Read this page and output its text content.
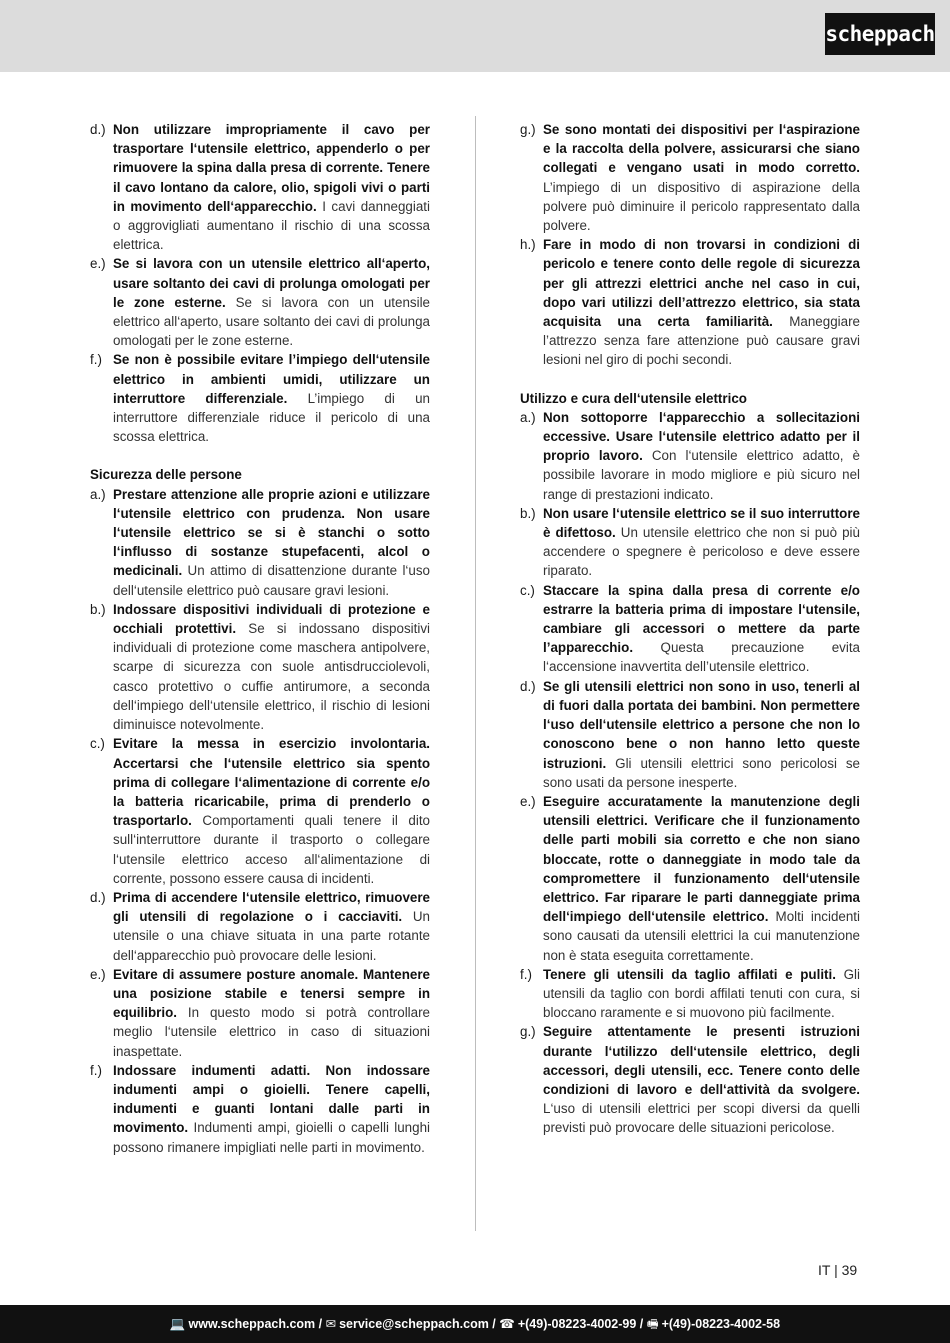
scheppach
d.) Non utilizzare impropriamente il cavo per trasportare l‘utensile elettrico, appenderlo o per rimuovere la spina dalla presa di corrente. Tenere il cavo lontano da calore, olio, spigoli vivi o parti in movimento dell‘apparecchio. I cavi danneggiati o aggrovigliati aumentano il rischio di una scossa elettrica.

e.) Se si lavora con un utensile elettrico all‘aperto, usare soltanto dei cavi di prolunga omologati per le zone esterne. Se si lavora con un utensile elettrico all‘aperto, usare soltanto dei cavi di prolunga omologati per le zone esterne.

f.) Se non è possibile evitare l’impiego dell‘utensile elettrico in ambienti umidi, utilizzare un interruttore differenziale. L’impiego di un interruttore differenziale riduce il pericolo di una scossa elettrica.

Sicurezza delle persone
a.) Prestare attenzione alle proprie azioni e utilizzare l‘utensile elettrico con prudenza. Non usare l‘utensile elettrico se si è stanchi o sotto l‘influsso di sostanze stupefacenti, alcol o medicinali. Un attimo di disattenzione durante l‘uso dell‘utensile elettrico può causare gravi lesioni.

b.) Indossare dispositivi individuali di protezione e occhiali protettivi. Se si indossano dispositivi individuali di protezione come maschera antipolvere, scarpe di sicurezza con suole antisdrucciolevoli, casco protettivo o cuffie antirumore, a seconda dell‘impiego dell‘utensile elettrico, il rischio di lesioni diminuisce notevolmente.

c.) Evitare la messa in esercizio involontaria. Accertarsi che l‘utensile elettrico sia spento prima di collegare l‘alimentazione di corrente e/o la batteria ricaricabile, prima di prenderlo o trasportarlo. Comportamenti quali tenere il dito sull‘interruttore durante il trasporto o collegare l‘utensile elettrico acceso all‘alimentazione di corrente, possono essere causa di incidenti.

d.) Prima di accendere l‘utensile elettrico, rimuovere gli utensili di regolazione o i cacciaviti. Un utensile o una chiave situata in una parte rotante dell‘apparecchio può provocare delle lesioni.

e.) Evitare di assumere posture anomale. Mantenere una posizione stabile e tenersi sempre in equilibrio. In questo modo si potrà controllare meglio l‘utensile elettrico in caso di situazioni inaspettate.

f.) Indossare indumenti adatti. Non indossare indumenti ampi o gioielli. Tenere capelli, indumenti e guanti lontani dalle parti in movimento. Indumenti ampi, gioielli o capelli lunghi possono rimanere impigliati nelle parti in movimento.

g.) Se sono montati dei dispositivi per l‘aspirazione e la raccolta della polvere, assicurarsi che siano collegati e vengano usati in modo corretto. L’impiego di un dispositivo di aspirazione della polvere può diminuire il pericolo rappresentato dalla polvere.

h.) Fare in modo di non trovarsi in condizioni di pericolo e tenere conto delle regole di sicurezza per gli attrezzi elettrici anche nel caso in cui, dopo vari utilizzi dell’attrezzo elettrico, sia stata acquisita una certa familiarità. Maneggiare l’attrezzo senza fare attenzione può causare gravi lesioni nel giro di pochi secondi.

Utilizzo e cura dell‘utensile elettrico
a.) Non sottoporre l‘apparecchio a sollecitazioni eccessive. Usare l‘utensile elettrico adatto per il proprio lavoro. Con l‘utensile elettrico adatto, è possibile lavorare in modo migliore e più sicuro nel range di prestazioni indicato.

b.) Non usare l‘utensile elettrico se il suo interruttore è difettoso. Un utensile elettrico che non si può più accendere o spegnere è pericoloso e deve essere riparato.

c.) Staccare la spina dalla presa di corrente e/o estrarre la batteria prima di impostare l‘utensile, cambiare gli accessori o mettere da parte l’apparecchio. Questa precauzione evita l‘accensione inavvertita dell’utensile elettrico.

d.) Se gli utensili elettrici non sono in uso, tenerli al di fuori dalla portata dei bambini. Non permettere l‘uso dell‘utensile elettrico a persone che non lo conoscono bene o non hanno letto queste istruzioni. Gli utensili elettrici sono pericolosi se sono usati da persone inesperte.

e.) Eseguire accuratamente la manutenzione degli utensili elettrici. Verificare che il funzionamento delle parti mobili sia corretto e che non siano bloccate, rotte o danneggiate in modo tale da compromettere il funzionamento dell‘utensile elettrico. Far riparare le parti danneggiate prima dell‘impiego dell‘utensile elettrico. Molti incidenti sono causati da utensili elettrici la cui manutenzione non è stata eseguita correttamente.

f.) Tenere gli utensili da taglio affilati e puliti. Gli utensili da taglio con bordi affilati tenuti con cura, si bloccano raramente e si muovono più facilmente.

g.) Seguire attentamente le presenti istruzioni durante l‘utilizzo dell‘utensile elettrico, degli accessori, degli utensili, ecc. Tenere conto delle condizioni di lavoro e dell‘attività da svolgere. L‘uso di utensili elettrici per scopi diversi da quelli previsti può provocare delle situazioni pericolose.

IT | 39
💻 www.scheppach.com / ✉ service@scheppach.com / ☎ +(49)-08223-4002-99 / 🖷 +(49)-08223-4002-58
